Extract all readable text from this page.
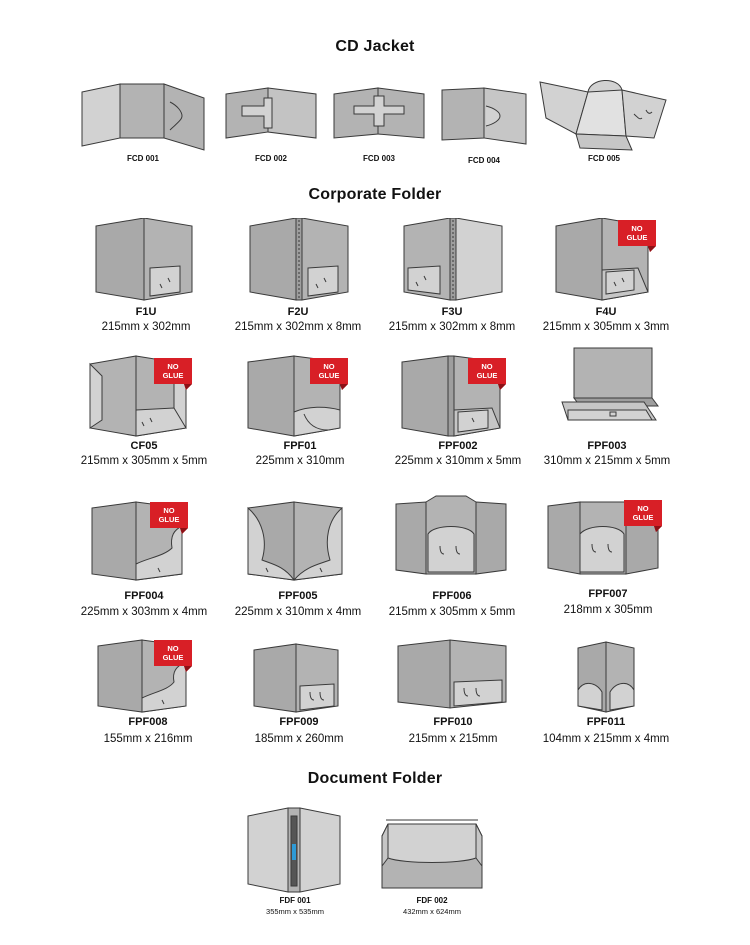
CD Jacket
FCD 001	FCD 002	FCD 003	FCD 004	FCD 005
Corporate Folder
F1U
215mm x 302mm
F2U
215mm x 302mm x 8mm
F3U
215mm x 302mm x 8mm
NO
GLUE
F4U
215mm x 305mm x 3mm
NO
GLUE
CF05
215mm x 305mm x 5mm
NO
GLUE
FPF01
225mm x 310mm
NO
GLUE
FPF002
225mm x 310mm x 5mm
FPF003
310mm x 215mm x 5mm
NO
GLUE
FPF004
225mm x 303mm x 4mm
FPF005
225mm x 310mm x 4mm
FPF006
215mm x 305mm x 5mm
NO
GLUE
FPF007
218mm x 305mm
NO
GLUE
FPF008
155mm x 216mm
FPF009
185mm x 260mm
FPF010
215mm x 215mm
FPF011
104mm x 215mm x 4mm
Document Folder
FDF 001
355mm x 535mm
FDF 002
432mm x 624mm
